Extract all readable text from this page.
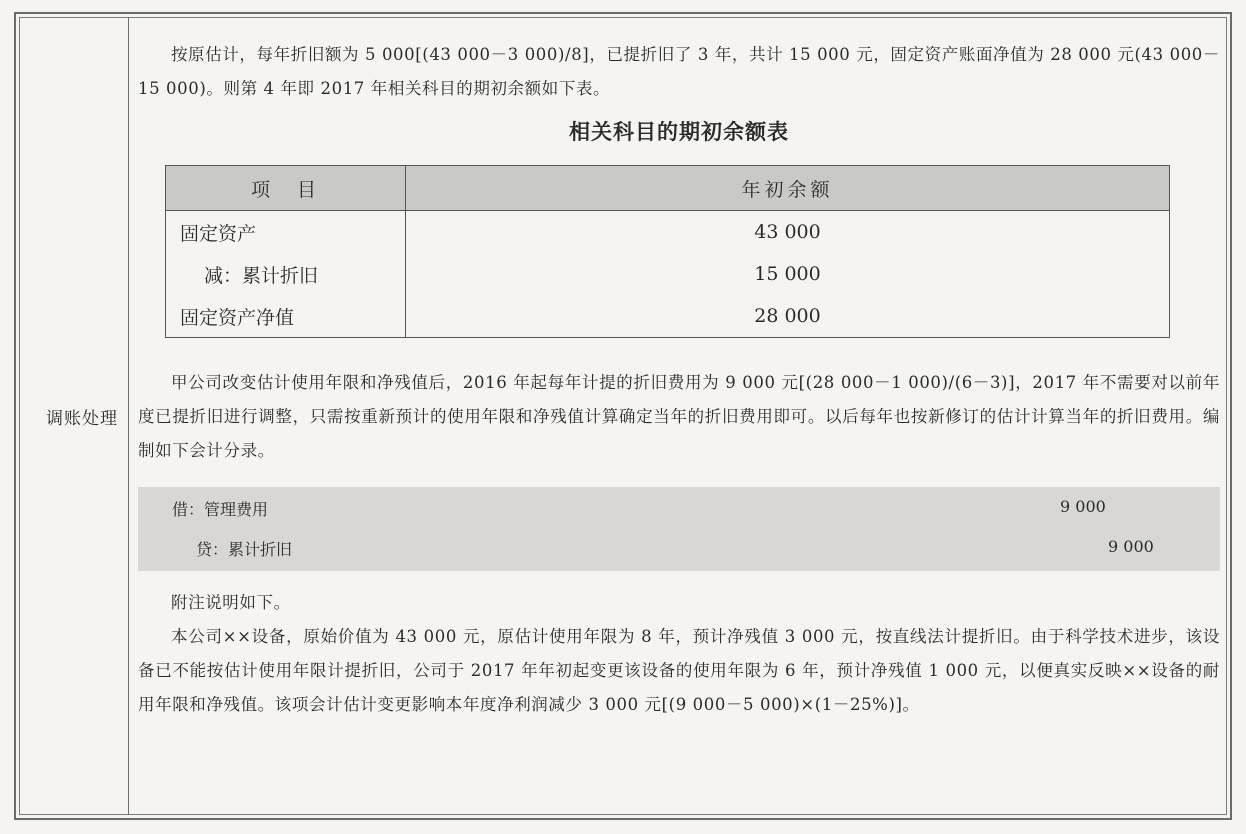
调账处理

按原估计，每年折旧额为 5 000[(43 000－3 000)/8]，已提折旧了 3 年，共计 15 000 元，固定资产账面净值为 28 000 元(43 000－15 000)。则第 4 年即 2017 年相关科目的期初余额如下表。

相关科目的期初余额表
项　目	年初余额
固定资产	43 000
减：累计折旧	15 000
固定资产净值	28 000

甲公司改变估计使用年限和净残值后，2016 年起每年计提的折旧费用为 9 000 元[(28 000－1 000)/(6－3)]，2017 年不需要对以前年度已提折旧进行调整，只需按重新预计的使用年限和净残值计算确定当年的折旧费用即可。以后每年也按新修订的估计计算当年的折旧费用。编制如下会计分录。

借：管理费用	9 000
贷：累计折旧	9 000

附注说明如下。

本公司××设备，原始价值为 43 000 元，原估计使用年限为 8 年，预计净残值 3 000 元，按直线法计提折旧。由于科学技术进步，该设备已不能按估计使用年限计提折旧，公司于 2017 年年初起变更该设备的使用年限为 6 年，预计净残值 1 000 元，以便真实反映××设备的耐用年限和净残值。该项会计估计变更影响本年度净利润减少 3 000 元[(9 000－5 000)×(1－25%)]。
